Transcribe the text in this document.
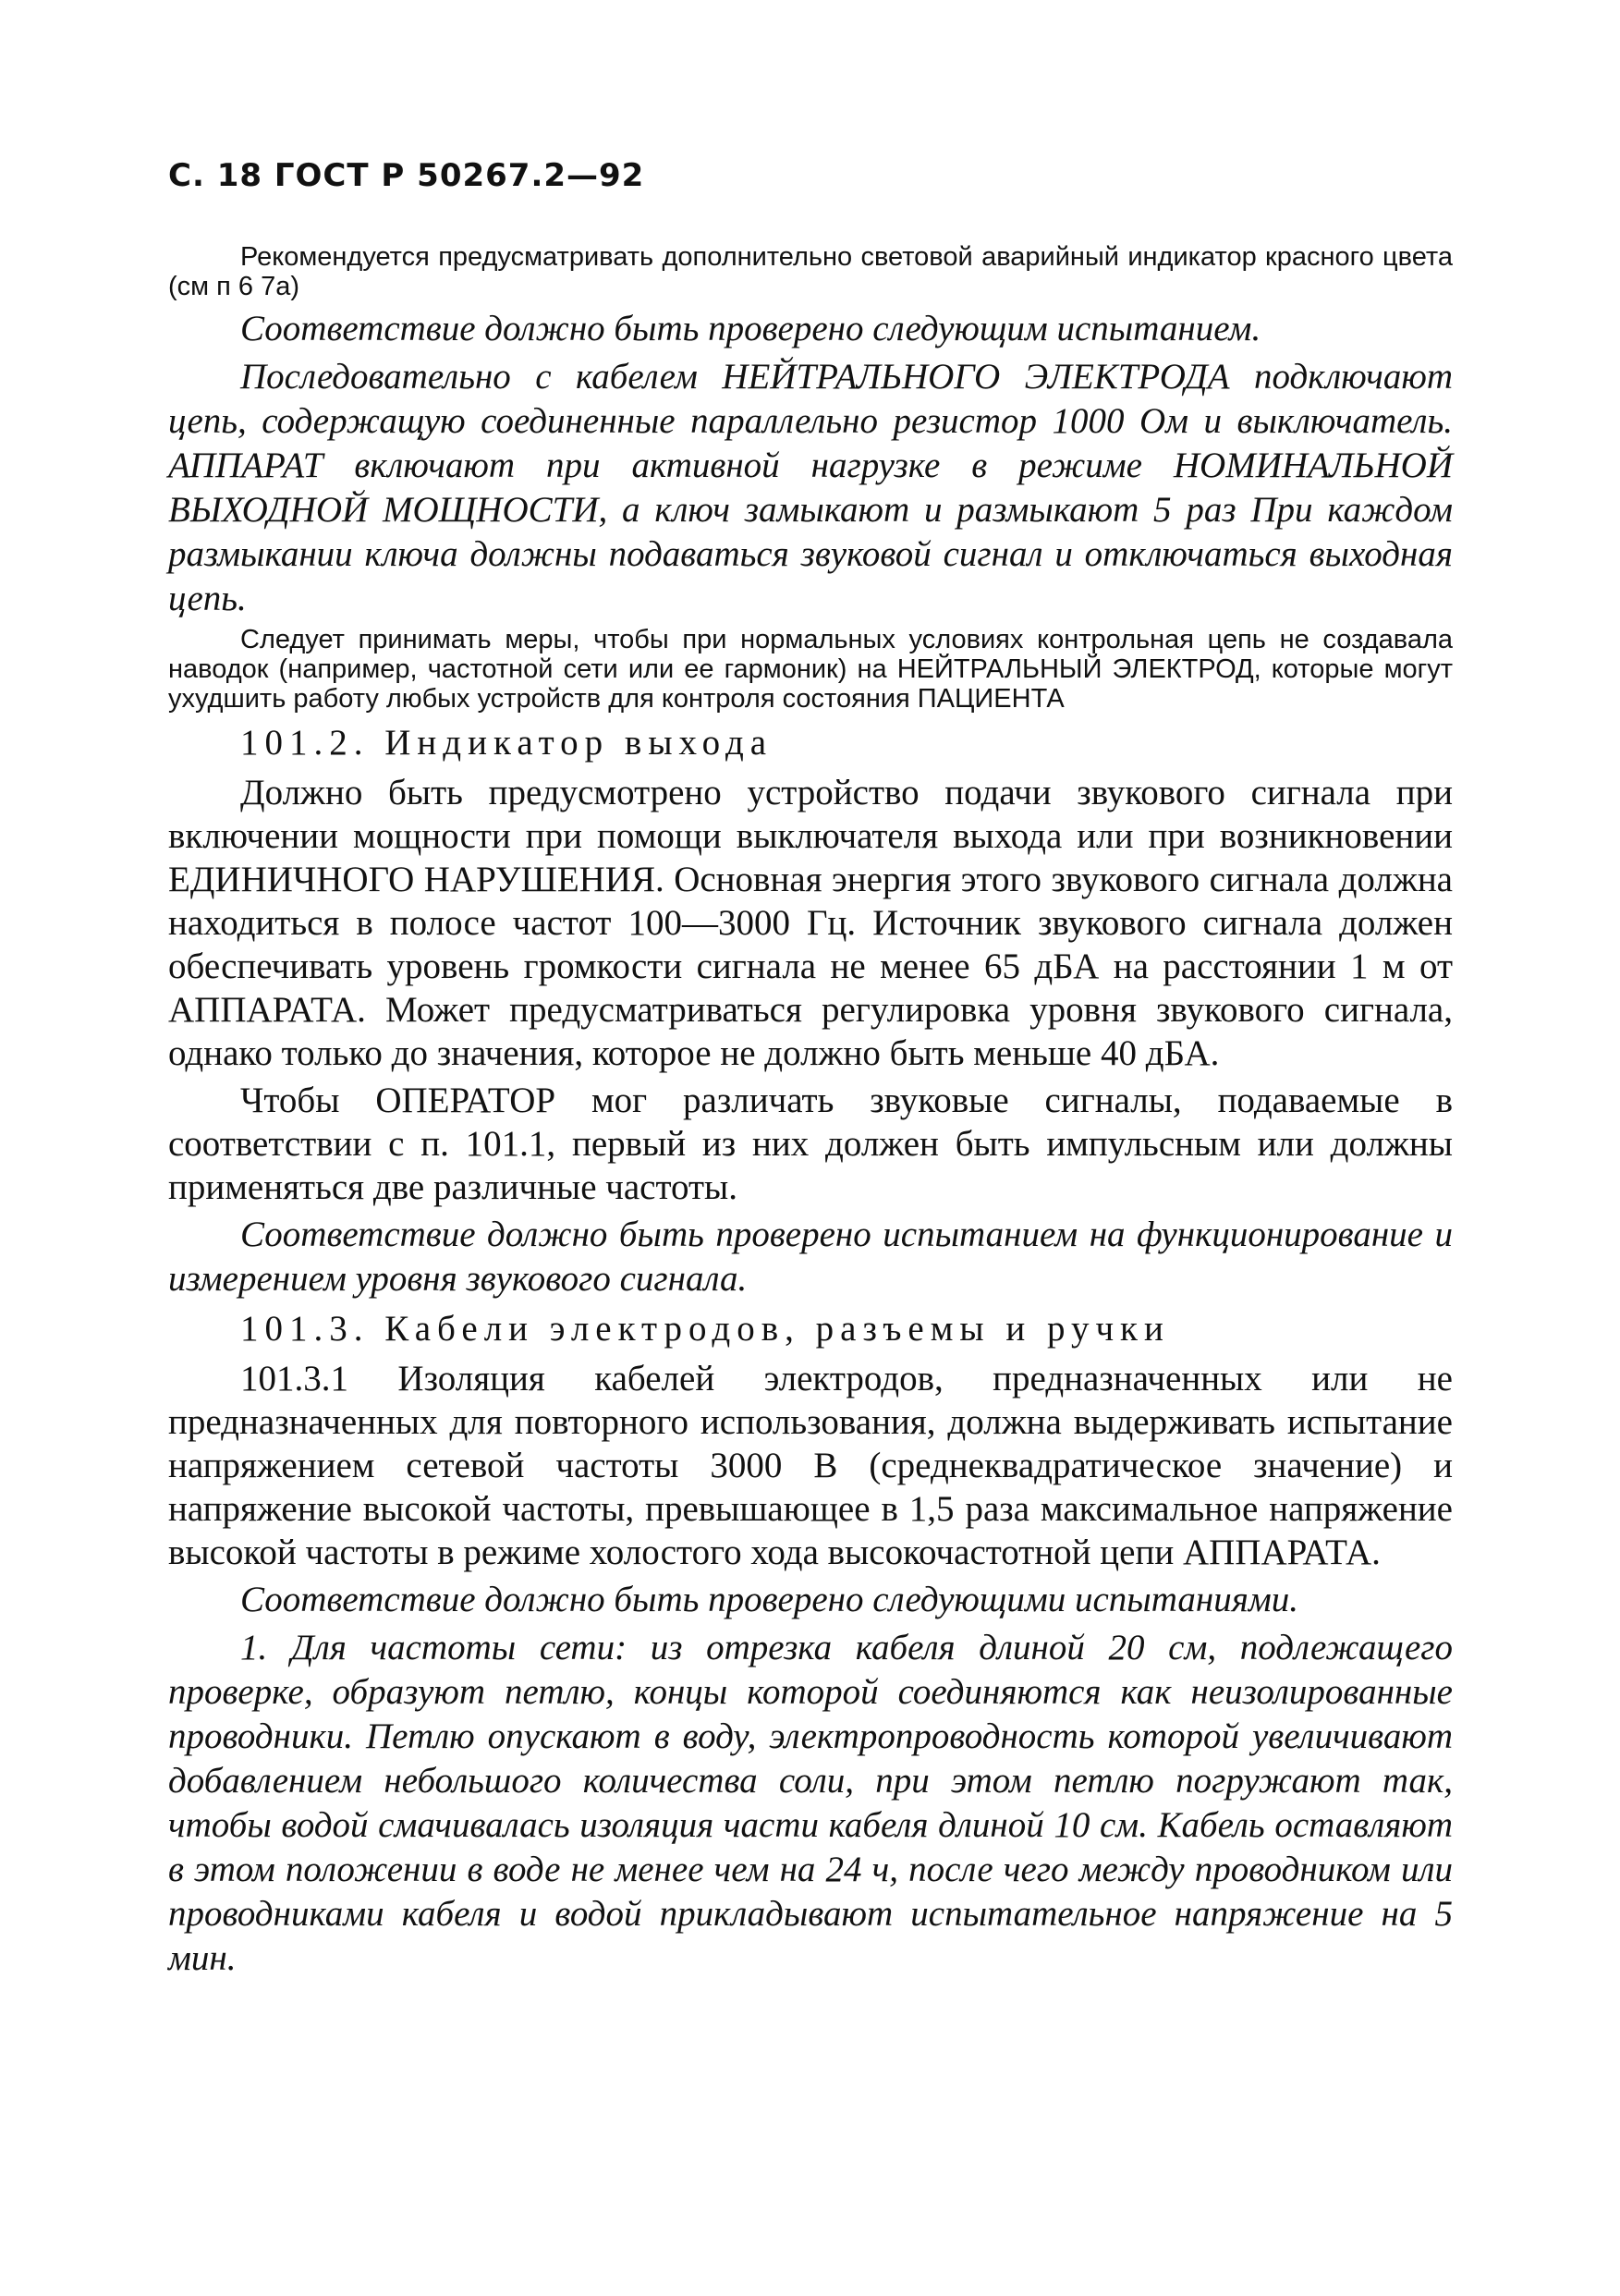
С. 18 ГОСТ Р 50267.2—92

Рекомендуется предусматривать дополнительно световой аварийный индикатор красного цвета (см п 6 7а)

Соответствие должно быть проверено следующим испытанием.

Последовательно с кабелем НЕЙТРАЛЬНОГО ЭЛЕКТРОДА подключают цепь, содержащую соединенные параллельно резистор 1000 Ом и выключатель. АППАРАТ включают при активной нагрузке в режиме НОМИНАЛЬНОЙ ВЫХОДНОЙ МОЩНОСТИ, а ключ замыкают и размыкают 5 раз При каждом размыкании ключа должны подаваться звуковой сигнал и отключаться выходная цепь.

Следует принимать меры, чтобы при нормальных условиях контрольная цепь не создавала наводок (например, частотной сети или ее гармоник) на НЕЙТРАЛЬНЫЙ ЭЛЕКТРОД, которые могут ухудшить работу любых устройств для контроля состояния ПАЦИЕНТА

101.2. Индикатор выхода

Должно быть предусмотрено устройство подачи звукового сигнала при включении мощности при помощи выключателя выхода или при возникновении ЕДИНИЧНОГО НАРУШЕНИЯ. Основная энергия этого звукового сигнала должна находиться в полосе частот 100—3000 Гц. Источник звукового сигнала должен обеспечивать уровень громкости сигнала не менее 65 дБА на расстоянии 1 м от АППАРАТА. Может предусматриваться регулировка уровня звукового сигнала, однако только до значения, которое не должно быть меньше 40 дБА.

Чтобы ОПЕРАТОР мог различать звуковые сигналы, подаваемые в соответствии с п. 101.1, первый из них должен быть импульсным или должны применяться две различные частоты.

Соответствие должно быть проверено испытанием на функционирование и измерением уровня звукового сигнала.

101.3. Кабели электродов, разъемы и ручки

101.3.1 Изоляция кабелей электродов, предназначенных или не предназначенных для повторного использования, должна выдерживать испытание напряжением сетевой частоты 3000 В (среднеквадратическое значение) и напряжение высокой частоты, превышающее в 1,5 раза максимальное напряжение высокой частоты в режиме холостого хода высокочастотной цепи АППАРАТА.

Соответствие должно быть проверено следующими испытаниями.

1. Для частоты сети: из отрезка кабеля длиной 20 см, подлежащего проверке, образуют петлю, концы которой соединяются как неизолированные проводники. Петлю опускают в воду, электропроводность которой увеличивают добавлением небольшого количества соли, при этом петлю погружают так, чтобы водой смачивалась изоляция части кабеля длиной 10 см. Кабель оставляют в этом положении в воде не менее чем на 24 ч, после чего между проводником или проводниками кабеля и водой прикладывают испытательное напряжение на 5 мин.
